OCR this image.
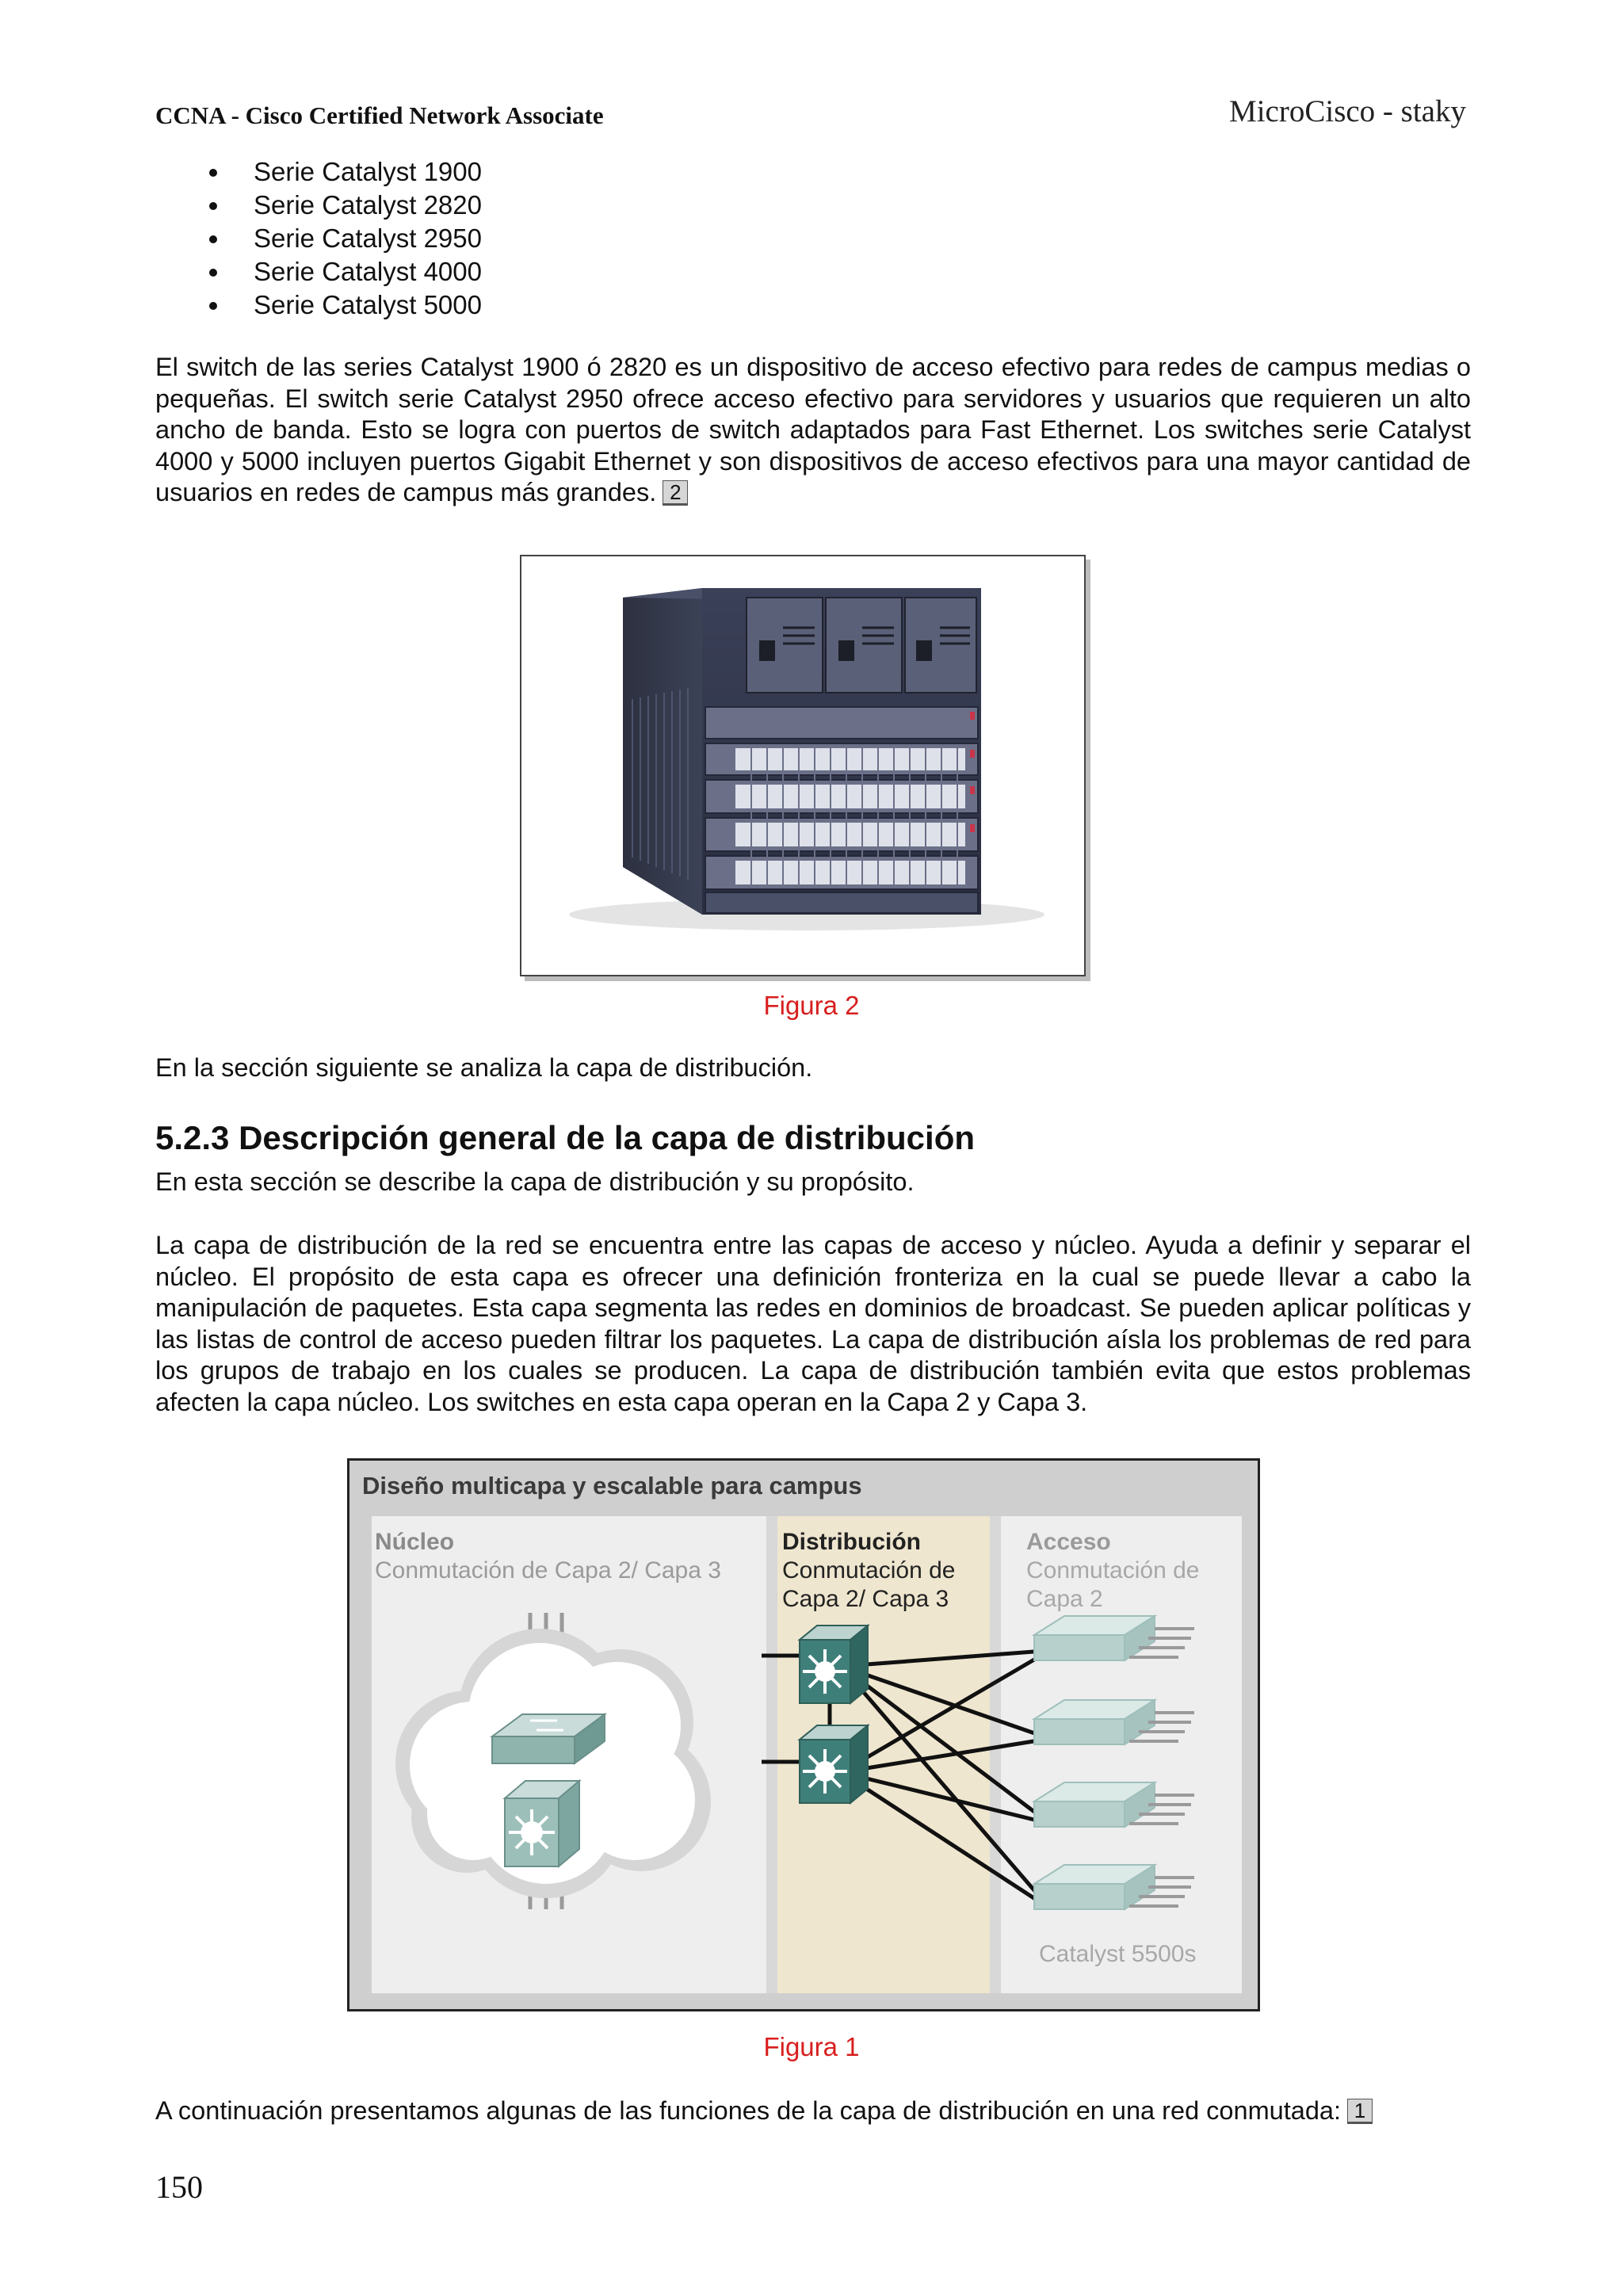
CCNA - Cisco Certified Network Associate	MicroCisco - staky
Serie Catalyst 1900
Serie Catalyst 2820
Serie Catalyst 2950
Serie Catalyst 4000
Serie Catalyst 5000

El switch de las series Catalyst 1900 ó 2820 es un dispositivo de acceso efectivo para redes de campus medias o pequeñas. El switch serie Catalyst 2950 ofrece acceso efectivo para servidores y usuarios que requieren un alto ancho de banda. Esto se logra con puertos de switch adaptados para Fast Ethernet. Los switches serie Catalyst 4000 y 5000 incluyen puertos Gigabit Ethernet y son dispositivos de acceso efectivos para una mayor cantidad de usuarios en redes de campus más grandes. 2

Figura 2

En la sección siguiente se analiza la capa de distribución.

5.2.3 Descripción general de la capa de distribución

En esta sección se describe la capa de distribución y su propósito.

La capa de distribución de la red se encuentra entre las capas de acceso y núcleo. Ayuda a definir y separar el núcleo. El propósito de esta capa es ofrecer una definición fronteriza en la cual se puede llevar a cabo la manipulación de paquetes. Esta capa segmenta las redes en dominios de broadcast. Se pueden aplicar políticas y las listas de control de acceso pueden filtrar los paquetes. La capa de distribución aísla los problemas de red para los grupos de trabajo en los cuales se producen. La capa de distribución también evita que estos problemas afecten la capa núcleo. Los switches en esta capa operan en la Capa 2 y Capa 3.

Diseño multicapa y escalable para campus
Núcleo
Conmutación de Capa 2/ Capa 3
Distribución
Conmutación de
Capa 2/ Capa 3
Acceso
Conmutación de
Capa 2
Catalyst 5500s
Figura 1

A continuación presentamos algunas de las funciones de la capa de distribución en una red conmutada: 1

150
